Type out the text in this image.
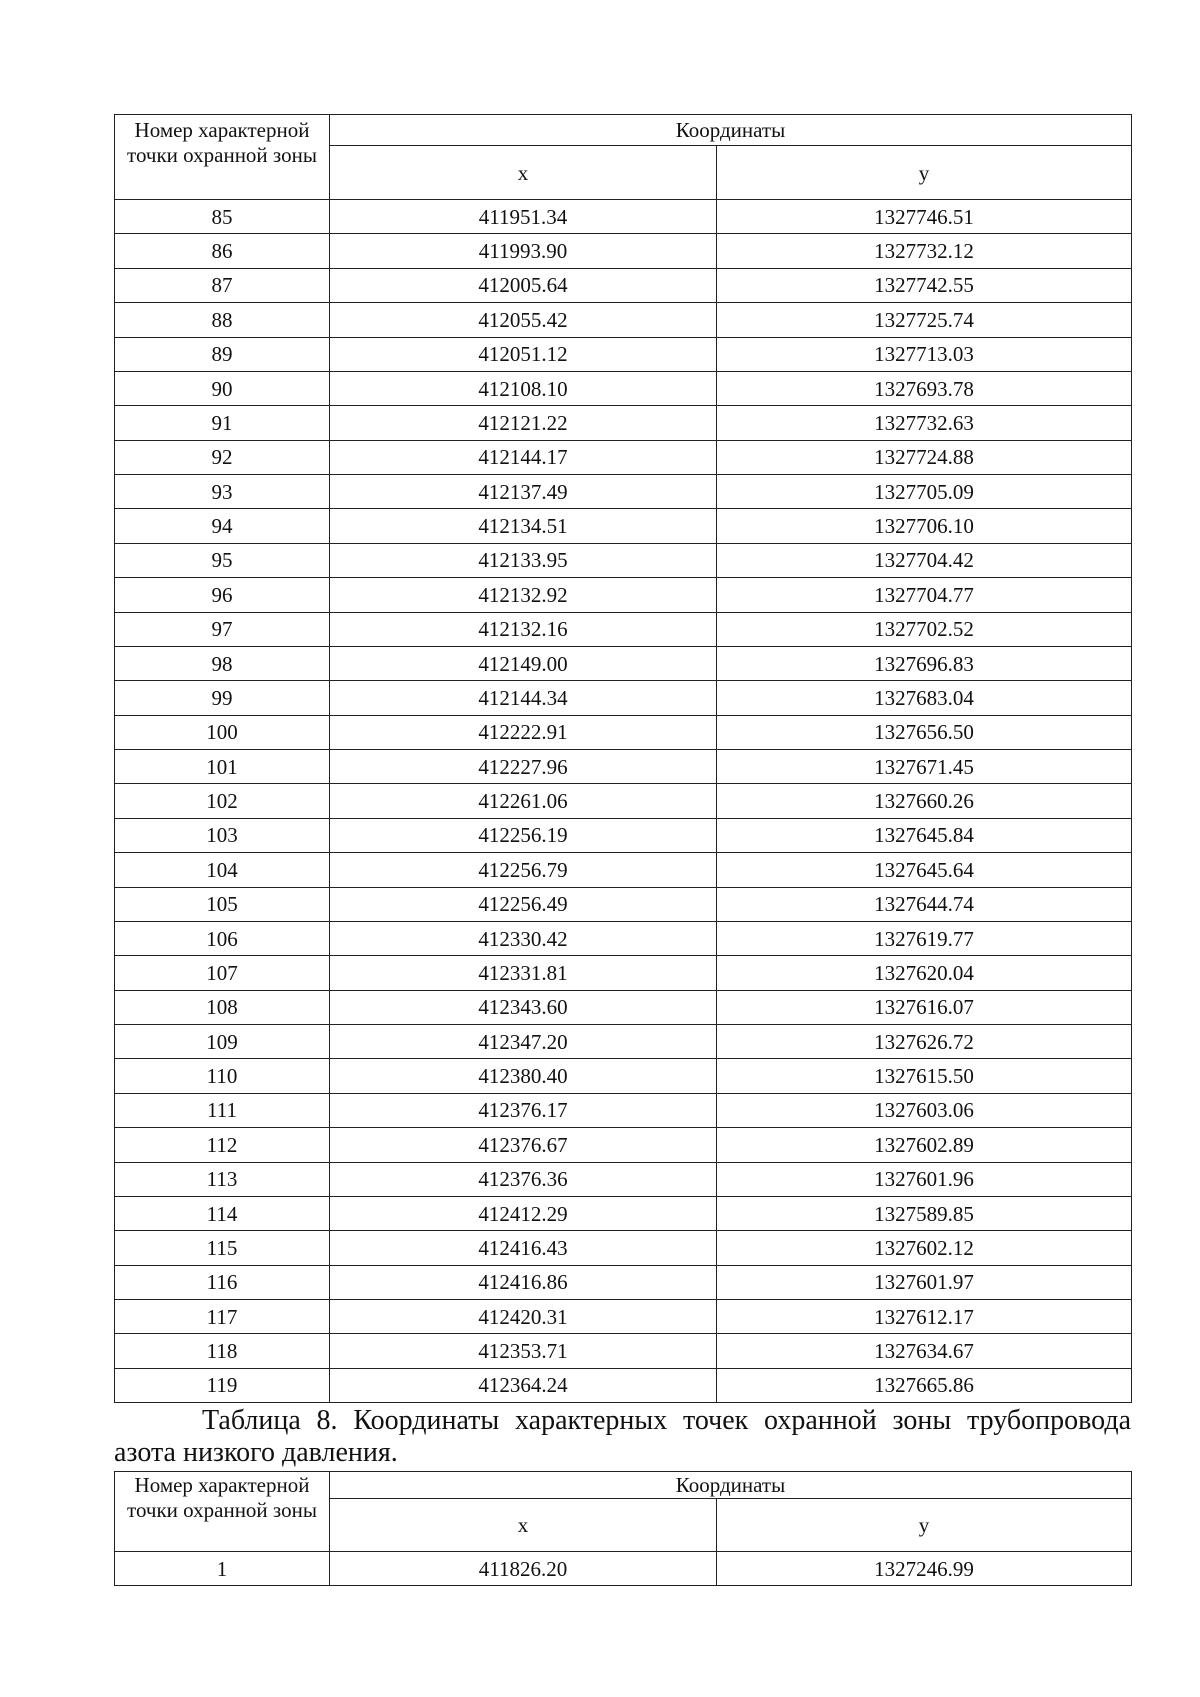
Номер характерной точки охранной зоны	Координаты	
	x	y
85	411951.34	1327746.51
86	411993.90	1327732.12
87	412005.64	1327742.55
88	412055.42	1327725.74
89	412051.12	1327713.03
90	412108.10	1327693.78
91	412121.22	1327732.63
92	412144.17	1327724.88
93	412137.49	1327705.09
94	412134.51	1327706.10
95	412133.95	1327704.42
96	412132.92	1327704.77
97	412132.16	1327702.52
98	412149.00	1327696.83
99	412144.34	1327683.04
100	412222.91	1327656.50
101	412227.96	1327671.45
102	412261.06	1327660.26
103	412256.19	1327645.84
104	412256.79	1327645.64
105	412256.49	1327644.74
106	412330.42	1327619.77
107	412331.81	1327620.04
108	412343.60	1327616.07
109	412347.20	1327626.72
110	412380.40	1327615.50
111	412376.17	1327603.06
112	412376.67	1327602.89
113	412376.36	1327601.96
114	412412.29	1327589.85
115	412416.43	1327602.12
116	412416.86	1327601.97
117	412420.31	1327612.17
118	412353.71	1327634.67
119	412364.24	1327665.86
Таблица 8. Координаты характерных точек охранной зоны трубопровода азота низкого давления.
Номер характерной точки охранной зоны	Координаты	
	x	y
1	411826.20	1327246.99
